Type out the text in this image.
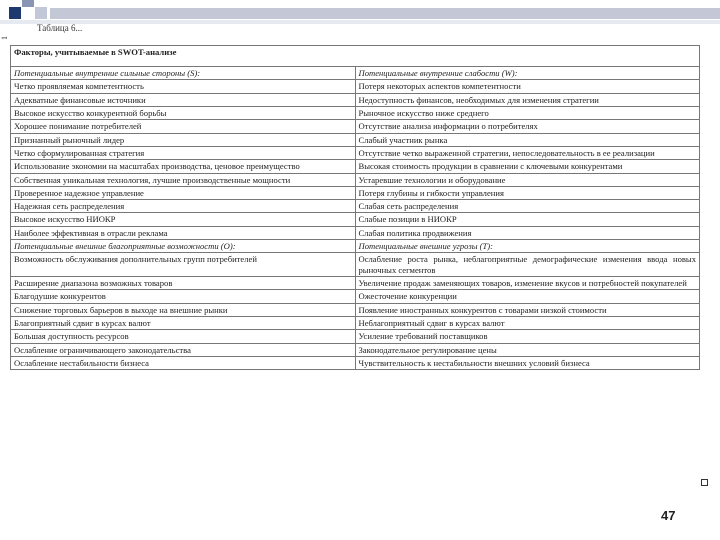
1
Таблица 6...
Факторы, учитываемые в SWOT-анализе	
Потенциальные внутренние сильные стороны (S):	Потенциальные внутренние слабости (W):
Четко проявляемая компетентность	Потеря некоторых аспектов компетентности
Адекватные финансовые источники	Недоступность финансов, необходимых для изменения стратегии
Высокое искусство конкурентной борьбы	Рыночное искусство ниже среднего
Хорошее понимание потребителей	Отсутствие анализа информации о потребителях
Признанный рыночный лидер	Слабый участник рынка
Четко сформулированная стратегия	Отсутствие четко выраженной стратегии, непоследовательность в ее реализации
Использование экономии на масштабах производства, ценовое преимущество	Высокая стоимость продукции в сравнении с ключевыми конкурентами
Собственная уникальная технология, лучшие производственные мощности	Устаревшие технологии и оборудование
Проверенное надежное управление	Потеря глубины и гибкости управления
Надежная сеть распределения	Слабая сеть распределения
Высокое искусство НИОКР	Слабые позиции в НИОКР
Наиболее эффективная в отрасли реклама	Слабая политика продвижения
Потенциальные внешние благоприятные возможности (O):	Потенциальные внешние угрозы (T):
Возможность обслуживания дополнительных групп потребителей	Ослабление роста рынка, неблагоприятные демографические изменения ввода новых рыночных сегментов
Расширение диапазона возможных товаров	Увеличение продаж заменяющих товаров, изменение вкусов и потребностей покупателей
Благодушие конкурентов	Ожесточение конкуренции
Снижение торговых барьеров в выходе на внешние рынки	Появление иностранных конкурентов с товарами низкой стоимости
Благоприятный сдвиг в курсах валют	Неблагоприятный сдвиг в курсах валют
Большая доступность ресурсов	Усиление требований поставщиков
Ослабление ограничивающего законодательства	Законодательное регулирование цены
Ослабление нестабильности бизнеса	Чувствительность к нестабильности внешних условий бизнеса
47
